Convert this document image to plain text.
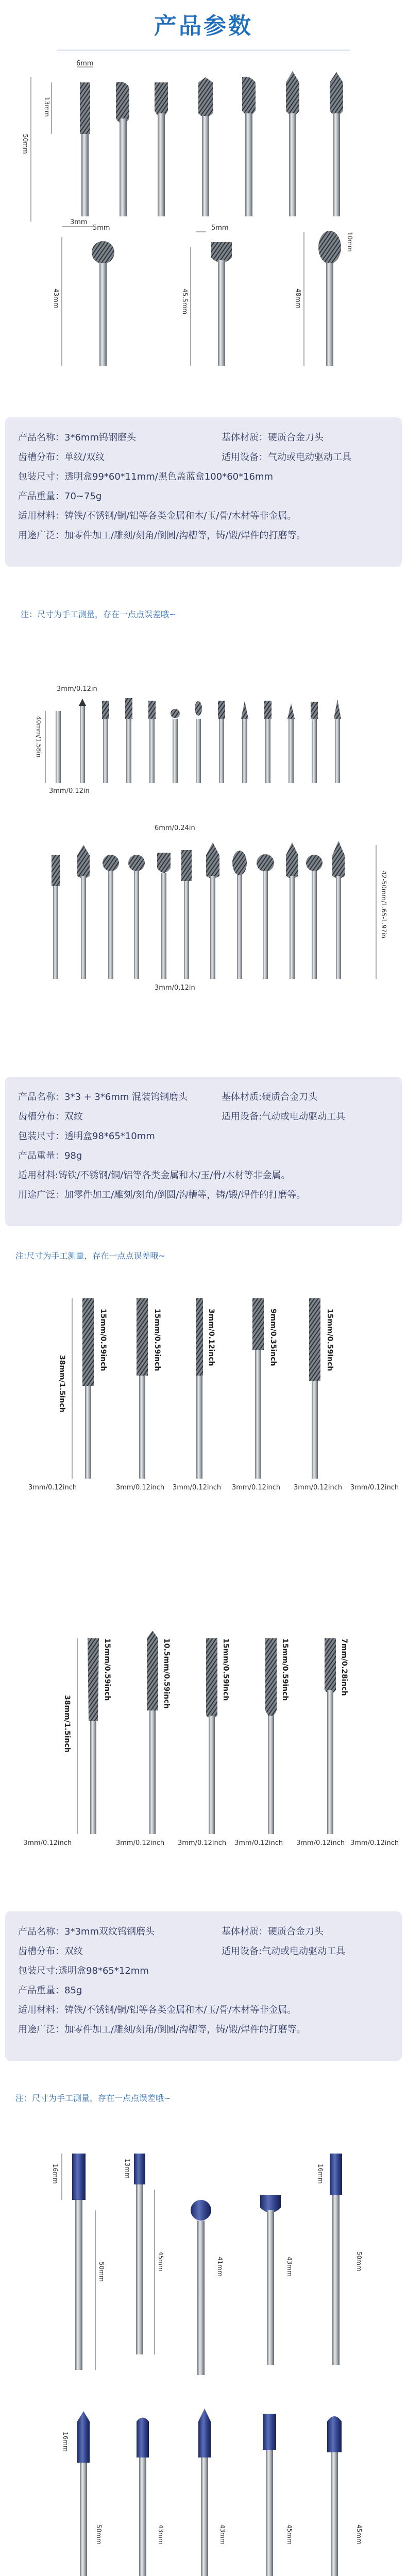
产品参数
6mm
13mm
50mm
3mm
5mm
43mm
5mm
45.5mm
10mm
48mm
产品名称：3*6mm钨钢磨头	基体材质：硬质合金刀头
齿槽分布：单纹/双纹	适用设备：气动或电动驱动工具
包装尺寸：透明盒99*60*11mm/黑色盖蓝盒100*60*16mm
产品重量：70~75g
适用材料：铸铁/不锈钢/铜/铝等各类金属和木/玉/骨/木材等非金属。
用途广泛：加零件加工/雕刻/刻角/倒圆/沟槽等，铸/锻/焊件的打磨等。
注：尺寸为手工测量，存在一点点误差哦~
3mm/0.12in
40mm/1.58in
3mm/0.12in
6mm/0.24in
3mm/0.12in
42-50mm/1.65-1.97in
产品名称：3*3 + 3*6mm 混装钨钢磨头	基体材质:硬质合金刀头
齿槽分布：双纹	适用设备:气动或电动驱动工具
包装尺寸：透明盒98*65*10mm
产品重量：98g
适用材料:铸铁/不锈钢/铜/铝等各类金属和木/玉/骨/木材等非金属。
用途广泛：加零件加工/雕刻/刻角/倒圆/沟槽等，铸/锻/焊件的打磨等。
注:尺寸为手工测量，存在一点点误差哦~
38mm/1.5inch
15mm/0.59inch	15mm/0.59inch	3mm/0.12inch	9mm/0.35inch	15mm/0.59inch
3mm/0.12inch	3mm/0.12inch 3mm/0.12inch 3mm/0.12inch 3mm/0.12inch 3mm/0.12inch
38mm/1.5inch
15mm/0.59inch	10.5mm/0.59inch	15mm/0.59inch	15mm/0.59inch	7mm/0.28inch
3mm/0.12inch	3mm/0.12inch 3mm/0.12inch 3mm/0.12inch 3mm/0.12inch 3mm/0.12inch
产品名称：3*3mm双纹钨钢磨头	基体材质：硬质合金刀头
齿槽分布：双纹	适用设备:气动或电动驱动工具
包装尺寸:透明盒98*65*12mm
产品重量：85g
适用材料：铸铁/不锈钢/铜/铝等各类金属和木/玉/骨/木材等非金属。
用途广泛：加零件加工/雕刻/刻角/倒圆/沟槽等，铸/锻/焊件的打磨等。
注：尺寸为手工测量，存在一点点误差哦~
16mm
50mm
45mm
13mm
41mm	43mm	50mm
16mm
16mm
50mm	43mm	43mm	45mm	45mm
